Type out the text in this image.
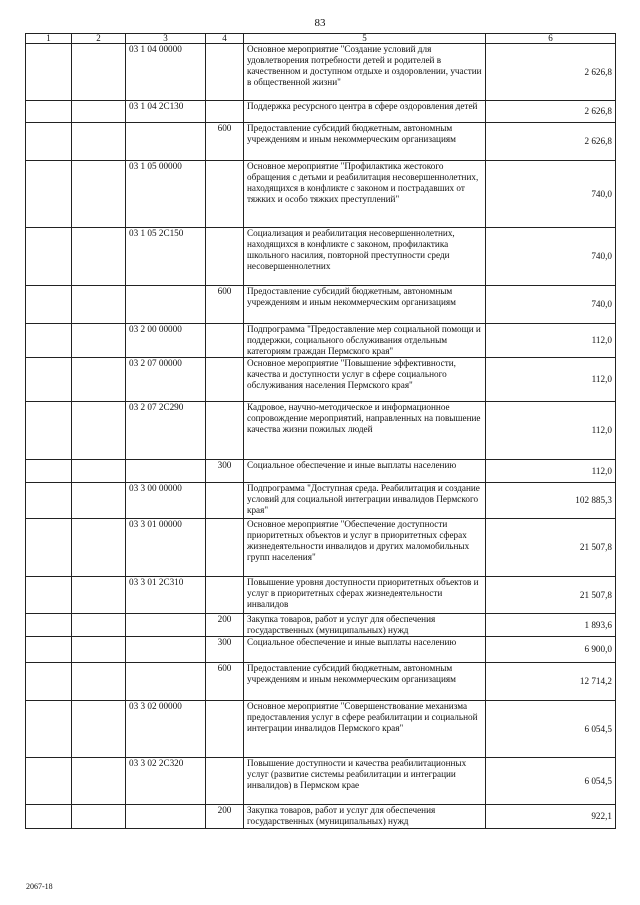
83
1	2	3	4	5	6
		03 1 04 00000		Основное мероприятие "Создание условий для удовлетворения потребности детей и родителей в качественном и доступном отдыхе и оздоровлении, участии в общественной жизни"	2 626,8
		03 1 04 2С130		Поддержка ресурсного центра в сфере оздоровления детей	2 626,8
			600	Предоставление субсидий бюджетным, автономным учреждениям и иным некоммерческим организациям	2 626,8
		03 1 05 00000		Основное мероприятие "Профилактика жестокого обращения с детьми и реабилитация несовершеннолетних, находящихся в конфликте с законом и пострадавших от тяжких и особо тяжких преступлений"	740,0
		03 1 05 2С150		Социализация и реабилитация несовершеннолетних, находящихся в конфликте с законом, профилактика школьного насилия, повторной преступности среди несовершеннолетних	740,0
			600	Предоставление субсидий бюджетным, автономным учреждениям и иным некоммерческим организациям	740,0
		03 2 00 00000		Подпрограмма "Предоставление мер социальной помощи и поддержки, социального обслуживания отдельным категориям граждан Пермского края"	112,0
		03 2 07 00000		Основное мероприятие "Повышение эффективности, качества и доступности услуг в сфере социального обслуживания населения Пермского края"	112,0
		03 2 07 2С290		Кадровое, научно-методическое и информационное сопровождение мероприятий, направленных на повышение качества жизни пожилых людей	112,0
			300	Социальное обеспечение и иные выплаты населению	112,0
		03 3 00 00000		Подпрограмма "Доступная среда. Реабилитация и создание условий для социальной интеграции инвалидов Пермского края"	102 885,3
		03 3 01 00000		Основное мероприятие "Обеспечение доступности приоритетных объектов и услуг в приоритетных сферах жизнедеятельности инвалидов и других маломобильных групп населения"	21 507,8
		03 3 01 2С310		Повышение уровня доступности приоритетных объектов и услуг в приоритетных сферах жизнедеятельности инвалидов	21 507,8
			200	Закупка товаров, работ и услуг для обеспечения государственных (муниципальных) нужд	1 893,6
			300	Социальное обеспечение и иные выплаты населению	6 900,0
			600	Предоставление субсидий бюджетным, автономным учреждениям и иным некоммерческим организациям	12 714,2
		03 3 02 00000		Основное мероприятие "Совершенствование механизма предоставления услуг в сфере реабилитации и социальной интеграции инвалидов Пермского края"	6 054,5
		03 3 02 2С320		Повышение доступности и качества реабилитационных услуг (развитие системы реабилитации и интеграции инвалидов) в Пермском крае	6 054,5
			200	Закупка товаров, работ и услуг для обеспечения государственных (муниципальных) нужд	922,1
2067-18
